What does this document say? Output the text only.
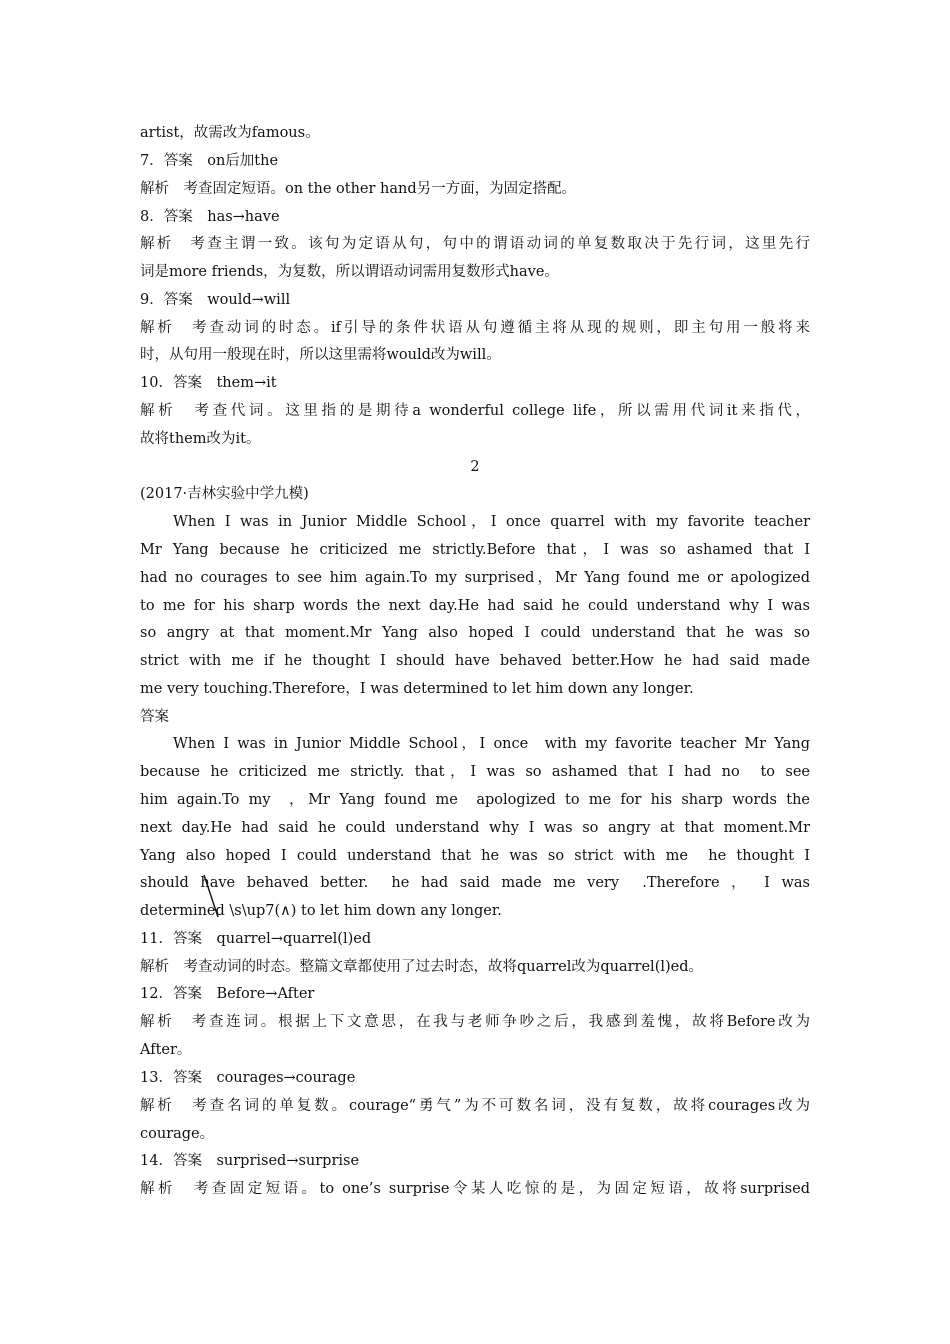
artist，故需改为famous。
7．答案　on后加the
解析　考查固定短语。on the other hand另一方面，为固定搭配。
8．答案　has→have
解析　考查主谓一致。该句为定语从句，句中的谓语动词的单复数取决于先行词，这里先行
词是more friends，为复数，所以谓语动词需用复数形式have。
9．答案　would→will
解析　考查动词的时态。if引导的条件状语从句遵循主将从现的规则，即主句用一般将来
时，从句用一般现在时，所以这里需将would改为will。
10．答案　them→it
解析　考查代词。这里指的是期待a wonderful college life，所以需用代词it来指代，
故将them改为it。
2
(2017·吉林实验中学九模)
When I was in Junior Middle School，I once quarrel with my favorite teacher
Mr Yang because he criticized me strictly.Before that，I was so ashamed that I
had no courages to see him again.To my surprised，Mr Yang found me or apologized
to me for his sharp words the next day.He had said he could understand why I was
so angry at that moment.Mr Yang also hoped I could understand that he was so
strict with me if he thought I should have behaved better.How he had said made
me very touching.Therefore，I was determined to let him down any longer.
答案
When I was in Junior Middle School，I once  with my favorite teacher Mr Yang
because he criticized me strictly. that，I was so ashamed that I had no  to see
him again.To my  ，Mr Yang found me  apologized to me for his sharp words the
next day.He had said he could understand why I was so angry at that moment.Mr
Yang also hoped I could understand that he was so strict with me  he thought I
should have behaved better.  he had said made me very  .Therefore ， I was
determined \s\up7(∧) to let him down any longer.
11．答案　quarrel→quarrel(l)ed
解析　考查动词的时态。整篇文章都使用了过去时态，故将quarrel改为quarrel(l)ed。
12．答案　Before→After
解析　考查连词。根据上下文意思，在我与老师争吵之后，我感到羞愧，故将Before改为
After。
13．答案　courages→courage
解析　考查名词的单复数。courage“勇气”为不可数名词，没有复数，故将courages改为
courage。
14．答案　surprised→surprise
解析　考查固定短语。to one’s surprise令某人吃惊的是，为固定短语，故将surprised
